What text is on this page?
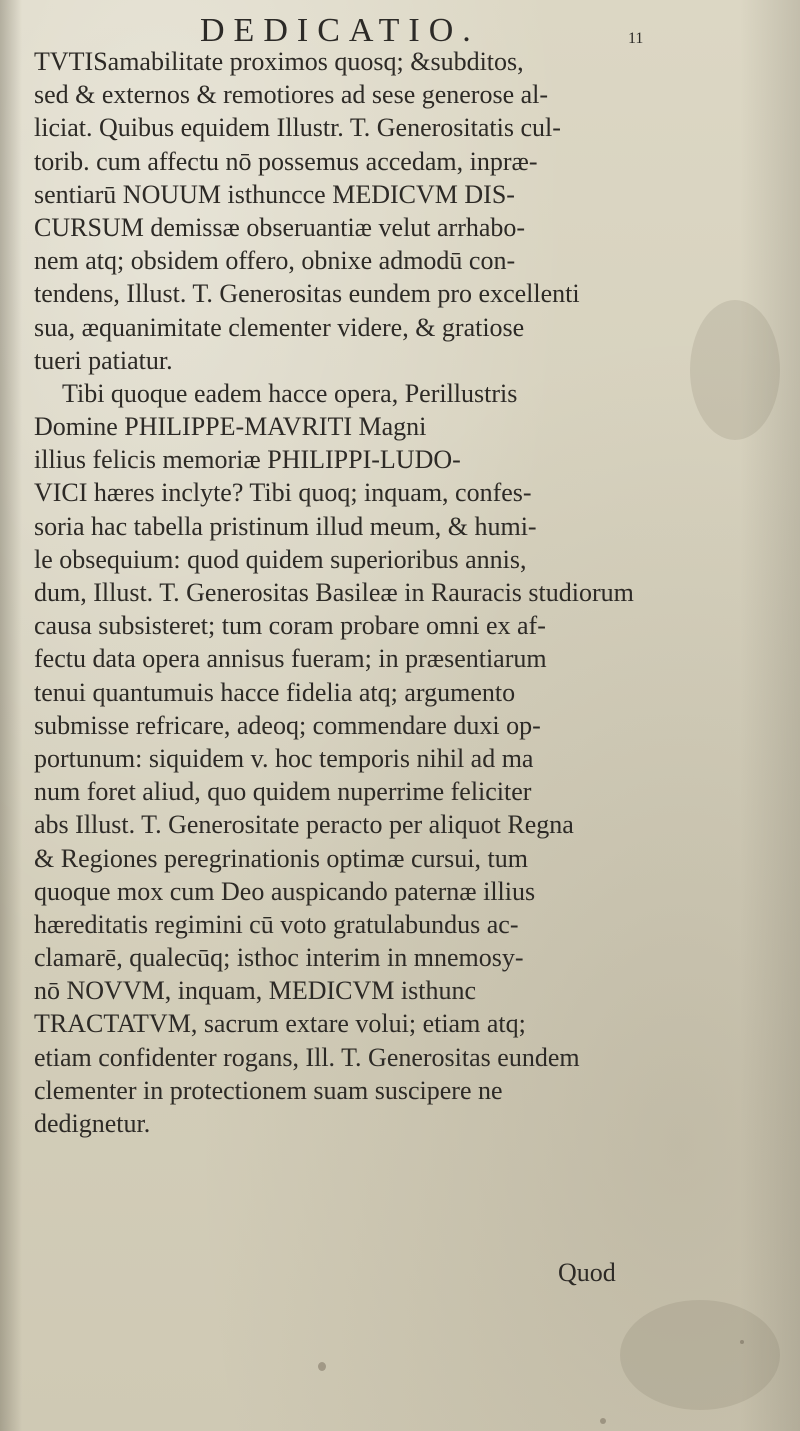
DEDICATIO.	11
TVTISamabilitate proximos quosq; &subditos,
sed & externos & remotiores ad sese generose al-
liciat. Quibus equidem Illustr. T. Generositatis cul-
torib. cum affectu nō possemus accedam, inpræ-
sentiarū NOUUM isthuncce MEDICVM DIS-
CURSUM demissæ obseruantiæ velut arrhabo-
nem atq; obsidem offero, obnixe admodū con-
tendens, Illust. T. Generositas eundem pro excellenti
sua, æquanimitate clementer videre, & gratiose
tueri patiatur.
Tibi quoque eadem hacce opera, Perillustris
Domine PHILIPPE-MAVRITI Magni
illius felicis memoriæ PHILIPPI-LUDO-
VICI hæres inclyte? Tibi quoq; inquam, confes-
soria hac tabella pristinum illud meum, & humi-
le obsequium: quod quidem superioribus annis,
dum, Illust. T. Generositas Basileæ in Rauracis studiorum
causa subsisteret; tum coram probare omni ex af-
fectu data opera annisus fueram; in præsentiarum
tenui quantumuis hacce fidelia atq; argumento
submisse refricare, adeoq; commendare duxi op-
portunum: siquidem v. hoc temporis nihil ad ma
num foret aliud, quo quidem nuperrime feliciter
abs Illust. T. Generositate peracto per aliquot Regna
& Regiones peregrinationis optimæ cursui, tum
quoque mox cum Deo auspicando paternæ illius
hæreditatis regimini cū voto gratulabundus ac-
clamarē, qualecūq; isthoc interim in mnemosy-
nō NOVVM, inquam, MEDICVM isthunc
TRACTATVM, sacrum extare volui; etiam atq;
etiam confidenter rogans, Ill. T. Generositas eundem
clementer in protectionem suam suscipere ne
dedignetur.
Quod
